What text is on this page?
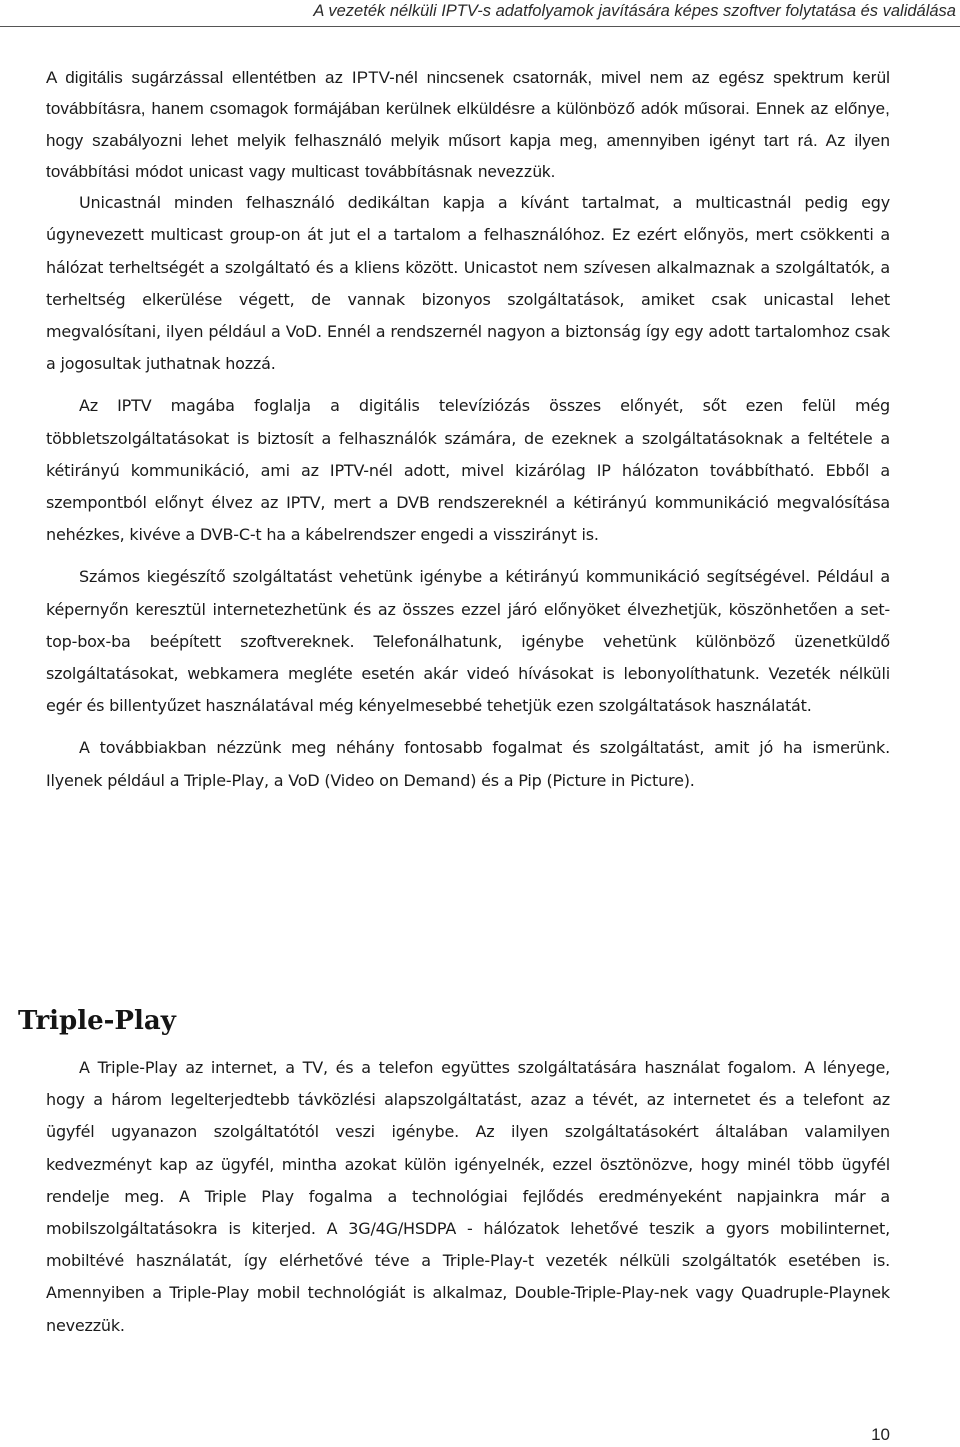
A vezeték nélküli IPTV-s adatfolyamok javítására képes szoftver folytatása és validálása

A digitális sugárzással ellentétben az IPTV-nél nincsenek csatornák, mivel nem az egész spektrum kerül továbbításra, hanem csomagok formájában kerülnek elküldésre a különböző adók műsorai. Ennek az előnye, hogy szabályozni lehet melyik felhasználó melyik műsort kapja meg, amennyiben igényt tart rá. Az ilyen továbbítási módot unicast vagy multicast továbbításnak nevezzük.

Unicastnál minden felhasználó dedikáltan kapja a kívánt tartalmat, a multicastnál pedig egy úgynevezett multicast group-on át jut el a tartalom a felhasználóhoz. Ez ezért előnyös, mert csökkenti a hálózat terheltségét a szolgáltató és a kliens között. Unicastot nem szívesen alkalmaznak a szolgáltatók, a terheltség elkerülése végett, de vannak bizonyos szolgáltatások, amiket csak unicastal lehet megvalósítani, ilyen például a VoD. Ennél a rendszernél nagyon a biztonság így egy adott tartalomhoz csak a jogosultak juthatnak hozzá.

Az IPTV magába foglalja a digitális televíziózás összes előnyét, sőt ezen felül még többletszolgáltatásokat is biztosít a felhasználók számára, de ezeknek a szolgáltatásoknak a feltétele a kétirányú kommunikáció, ami az IPTV-nél adott, mivel kizárólag IP hálózaton továbbítható. Ebből a szempontból előnyt élvez az IPTV, mert a DVB rendszereknél a kétirányú kommunikáció megvalósítása nehézkes, kivéve a DVB-C-t ha a kábelrendszer engedi a visszirányt is.

Számos kiegészítő szolgáltatást vehetünk igénybe a kétirányú kommunikáció segítségével. Például a képernyőn keresztül internetezhetünk és az összes ezzel járó előnyöket élvezhetjük, köszönhetően a set-top-box-ba beépített szoftvereknek. Telefonálhatunk, igénybe vehetünk különböző üzenetküldő szolgáltatásokat, webkamera megléte esetén akár videó hívásokat is lebonyolíthatunk. Vezeték nélküli egér és billentyűzet használatával még kényelmesebbé tehetjük ezen szolgáltatások használatát.

A továbbiakban nézzünk meg néhány fontosabb fogalmat és szolgáltatást, amit jó ha ismerünk. Ilyenek például a Triple-Play, a VoD (Video on Demand) és a Pip (Picture in Picture).

Triple-Play

A Triple-Play az internet, a TV, és a telefon együttes szolgáltatására használat fogalom. A lényege, hogy a három legelterjedtebb távközlési alapszolgáltatást, azaz a tévét, az internetet és a telefont az ügyfél ugyanazon szolgáltatótól veszi igénybe. Az ilyen szolgáltatásokért általában valamilyen kedvezményt kap az ügyfél, mintha azokat külön igényelnék, ezzel ösztönözve, hogy minél több ügyfél rendelje meg. A Triple Play fogalma a technológiai fejlődés eredményeként napjainkra már a mobilszolgáltatásokra is kiterjed. A 3G/4G/HSDPA - hálózatok lehetővé teszik a gyors mobilinternet, mobiltévé használatát, így elérhetővé téve a Triple-Play-t vezeték nélküli szolgáltatók esetében is. Amennyiben a Triple-Play mobil technológiát is alkalmaz, Double-Triple-Play-nek vagy Quadruple-Playnek nevezzük.

10
